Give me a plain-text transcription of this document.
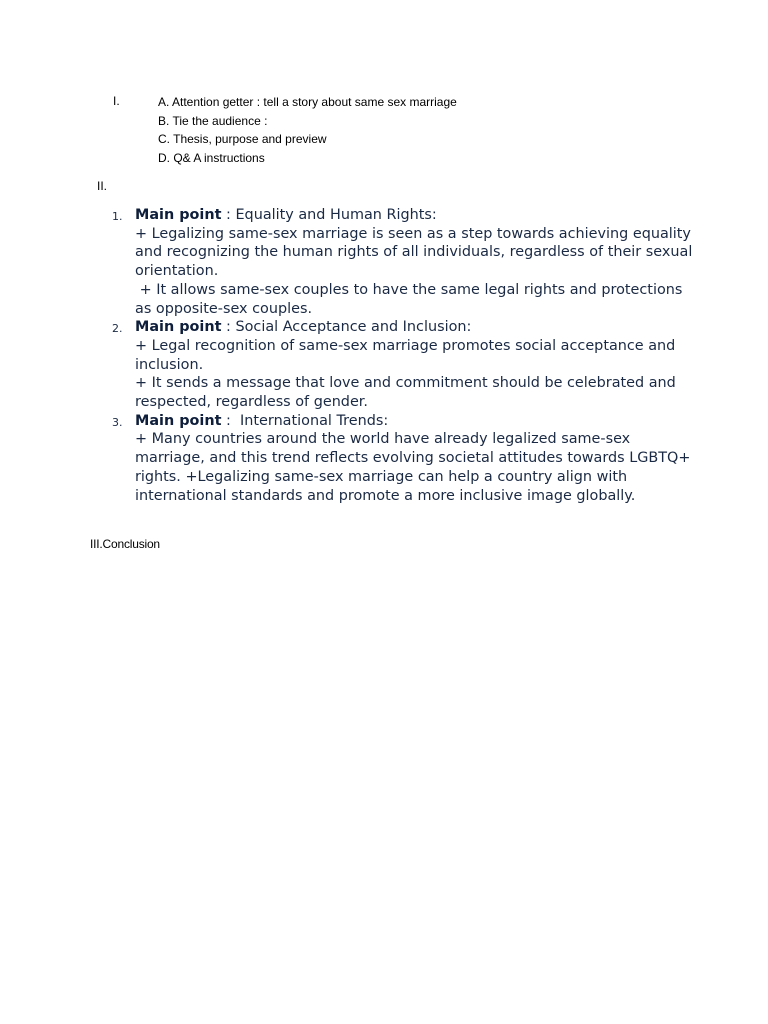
I.	A. Attention getter : tell a story about same sex marriage
B. Tie the audience :
C. Thesis, purpose and preview
D. Q& A instructions
II.
1. Main point : Equality and Human Rights:

+ Legalizing same-sex marriage is seen as a step towards achieving equality and recognizing the human rights of all individuals, regardless of their sexual orientation.

+ It allows same-sex couples to have the same legal rights and protections as opposite-sex couples.

2. Main point : Social Acceptance and Inclusion:

+ Legal recognition of same-sex marriage promotes social acceptance and inclusion.

+ It sends a message that love and commitment should be celebrated and respected, regardless of gender.

3. Main point :  International Trends:

+ Many countries around the world have already legalized same-sex marriage, and this trend reflects evolving societal attitudes towards LGBTQ+ rights. +Legalizing same-sex marriage can help a country align with international standards and promote a more inclusive image globally.

III.Conclusion
